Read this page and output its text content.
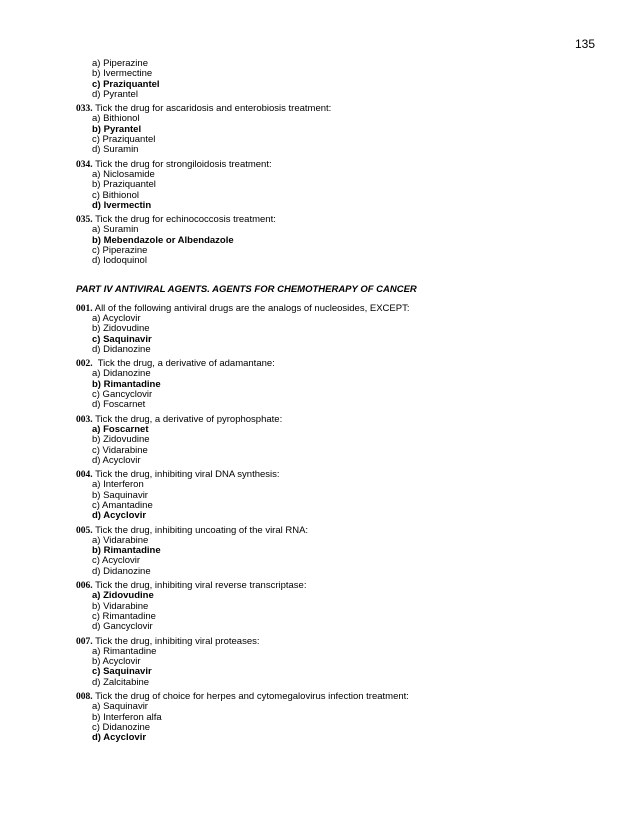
135
a) Piperazine
b) Ivermectine
c) Praziquantel
d) Pyrantel
033. Tick the drug for ascaridosis and enterobiosis treatment:
a) Bithionol
b) Pyrantel
c) Praziquantel
d) Suramin
034. Tick the drug for strongiloidosis treatment:
a) Niclosamide
b) Praziquantel
c) Bithionol
d) Ivermectin
035. Tick the drug for echinococcosis treatment:
a) Suramin
b) Mebendazole or Albendazole
c) Piperazine
d) Iodoquinol
PART IV ANTIVIRAL AGENTS. AGENTS FOR CHEMOTHERAPY OF CANCER
001. All of the following antiviral drugs are the analogs of nucleosides, EXCEPT:
a) Acyclovir
b) Zidovudine
c) Saquinavir
d) Didanozine
002.  Tick the drug, a derivative of adamantane:
a) Didanozine
b) Rimantadine
c) Gancyclovir
d) Foscarnet
003. Tick the drug, a derivative of pyrophosphate:
a) Foscarnet
b) Zidovudine
c) Vidarabine
d) Acyclovir
004. Tick the drug, inhibiting viral DNA synthesis:
a) Interferon
b) Saquinavir
c) Amantadine
d) Acyclovir
005. Tick the drug, inhibiting uncoating of the viral RNA:
a) Vidarabine
b) Rimantadine
c) Acyclovir
d) Didanozine
006. Tick the drug, inhibiting viral reverse transcriptase:
a) Zidovudine
b) Vidarabine
c) Rimantadine
d) Gancyclovir
007. Tick the drug, inhibiting viral proteases:
a) Rimantadine
b) Acyclovir
c) Saquinavir
d) Zalcitabine
008. Tick the drug of choice for herpes and cytomegalovirus infection treatment:
a) Saquinavir
b) Interferon alfa
c) Didanozine
d) Acyclovir
